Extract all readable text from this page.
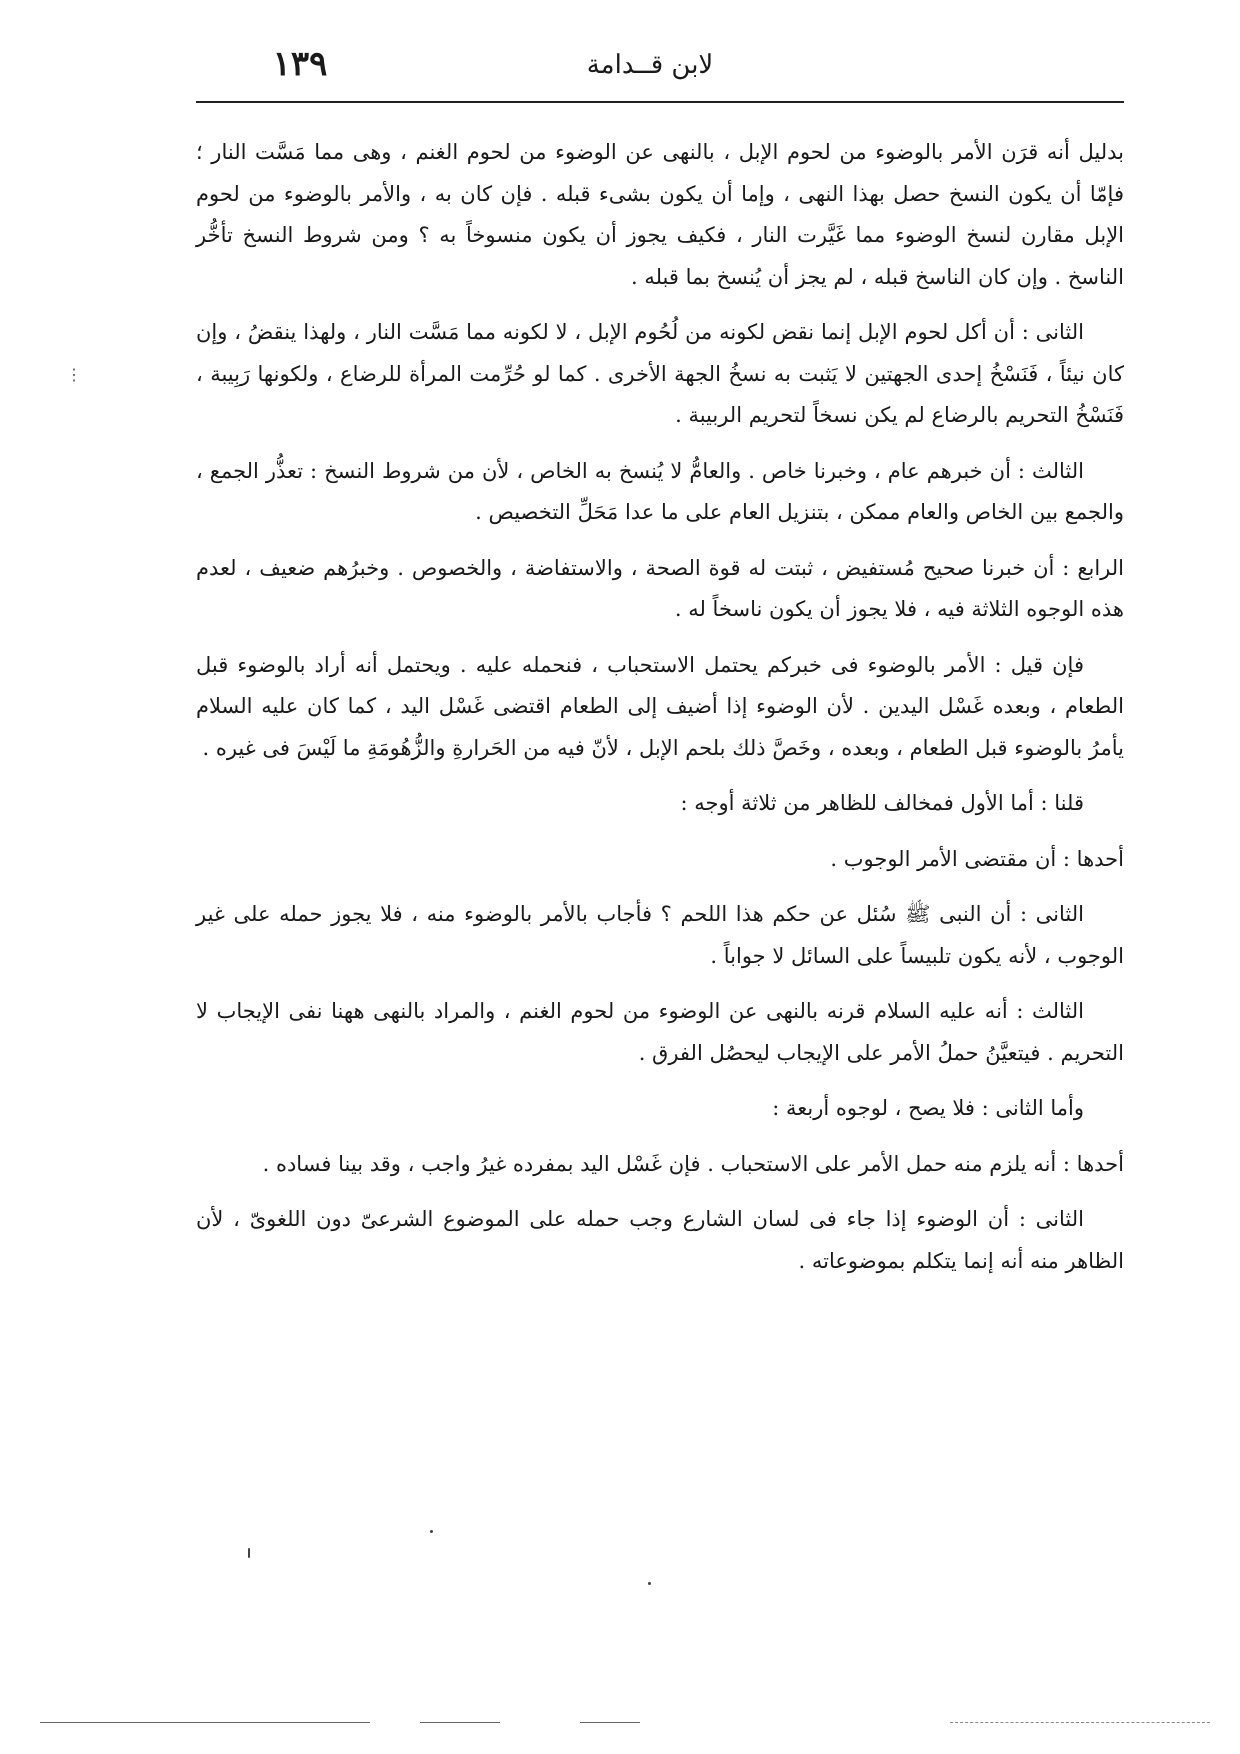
لابن قــدامة
١٣٩

بدليل أنه قرَن الأمر بالوضوء من لحوم الإبل ، بالنهى عن الوضوء من لحوم الغنم ، وهى مما مَسَّت النار ؛ فإمّا أن يكون النسخ حصل بهذا النهى ، وإما أن يكون بشىء قبله . فإن كان به ، والأمر بالوضوء من لحوم الإبل مقارن لنسخ الوضوء مما غَيَّرت النار ، فكيف يجوز أن يكون منسوخاً به ؟ ومن شروط النسخ تأخُّر الناسخ . وإن كان الناسخ قبله ، لم يجز أن يُنسخ بما قبله .

الثانى : أن أكل لحوم الإبل إنما نقض لكونه من لُحُوم الإبل ، لا لكونه مما مَسَّت النار ، ولهذا ينقضُ ، وإن كان نيئاً ، فَنَسْخُ إحدى الجهتين لا يَثبت به نسخُ الجهة الأخرى . كما لو حُرِّمت المرأة للرضاع ، ولكونها رَبِيبة ، فَنَسْخُ التحريم بالرضاع لم يكن نسخاً لتحريم الربيبة .

الثالث : أن خبرهم عام ، وخبرنا خاص . والعامُّ لا يُنسخ به الخاص ، لأن من شروط النسخ : تعذُّر الجمع ، والجمع بين الخاص والعام ممكن ، بتنزيل العام على ما عدا مَحَلِّ التخصيص .

الرابع : أن خبرنا صحيح مُستفيض ، ثبتت له قوة الصحة ، والاستفاضة ، والخصوص . وخبرُهم ضعيف ، لعدم هذه الوجوه الثلاثة فيه ، فلا يجوز أن يكون ناسخاً له .

فإن قيل : الأمر بالوضوء فى خبركم يحتمل الاستحباب ، فنحمله عليه . ويحتمل أنه أراد بالوضوء قبل الطعام ، وبعده غَسْل اليدين . لأن الوضوء إذا أضيف إلى الطعام اقتضى غَسْل اليد ، كما كان عليه السلام يأمرُ بالوضوء قبل الطعام ، وبعده ، وخَصَّ ذلك بلحم الإبل ، لأنّ فيه من الحَرارةِ والزُّهُومَةِ ما لَيْسَ فى غيره .

قلنا : أما الأول فمخالف للظاهر من ثلاثة أوجه :

أحدها : أن مقتضى الأمر الوجوب .

الثانى : أن النبى ﷺ سُئل عن حكم هذا اللحم ؟ فأجاب بالأمر بالوضوء منه ، فلا يجوز حمله على غير الوجوب ، لأنه يكون تلبيساً على السائل لا جواباً .

الثالث : أنه عليه السلام قرنه بالنهى عن الوضوء من لحوم الغنم ، والمراد بالنهى ههنا نفى الإيجاب لا التحريم . فيتعيَّنُ حملُ الأمر على الإيجاب ليحصُل الفرق .

وأما الثانى : فلا يصح ، لوجوه أربعة :

أحدها : أنه يلزم منه حمل الأمر على الاستحباب . فإن غَسْل اليد بمفرده غيرُ واجب ، وقد بينا فساده .

الثانى : أن الوضوء إذا جاء فى لسان الشارع وجب حمله على الموضوع الشرعىّ دون اللغوىّ ، لأن الظاهر منه أنه إنما يتكلم بموضوعاته .

⋮
